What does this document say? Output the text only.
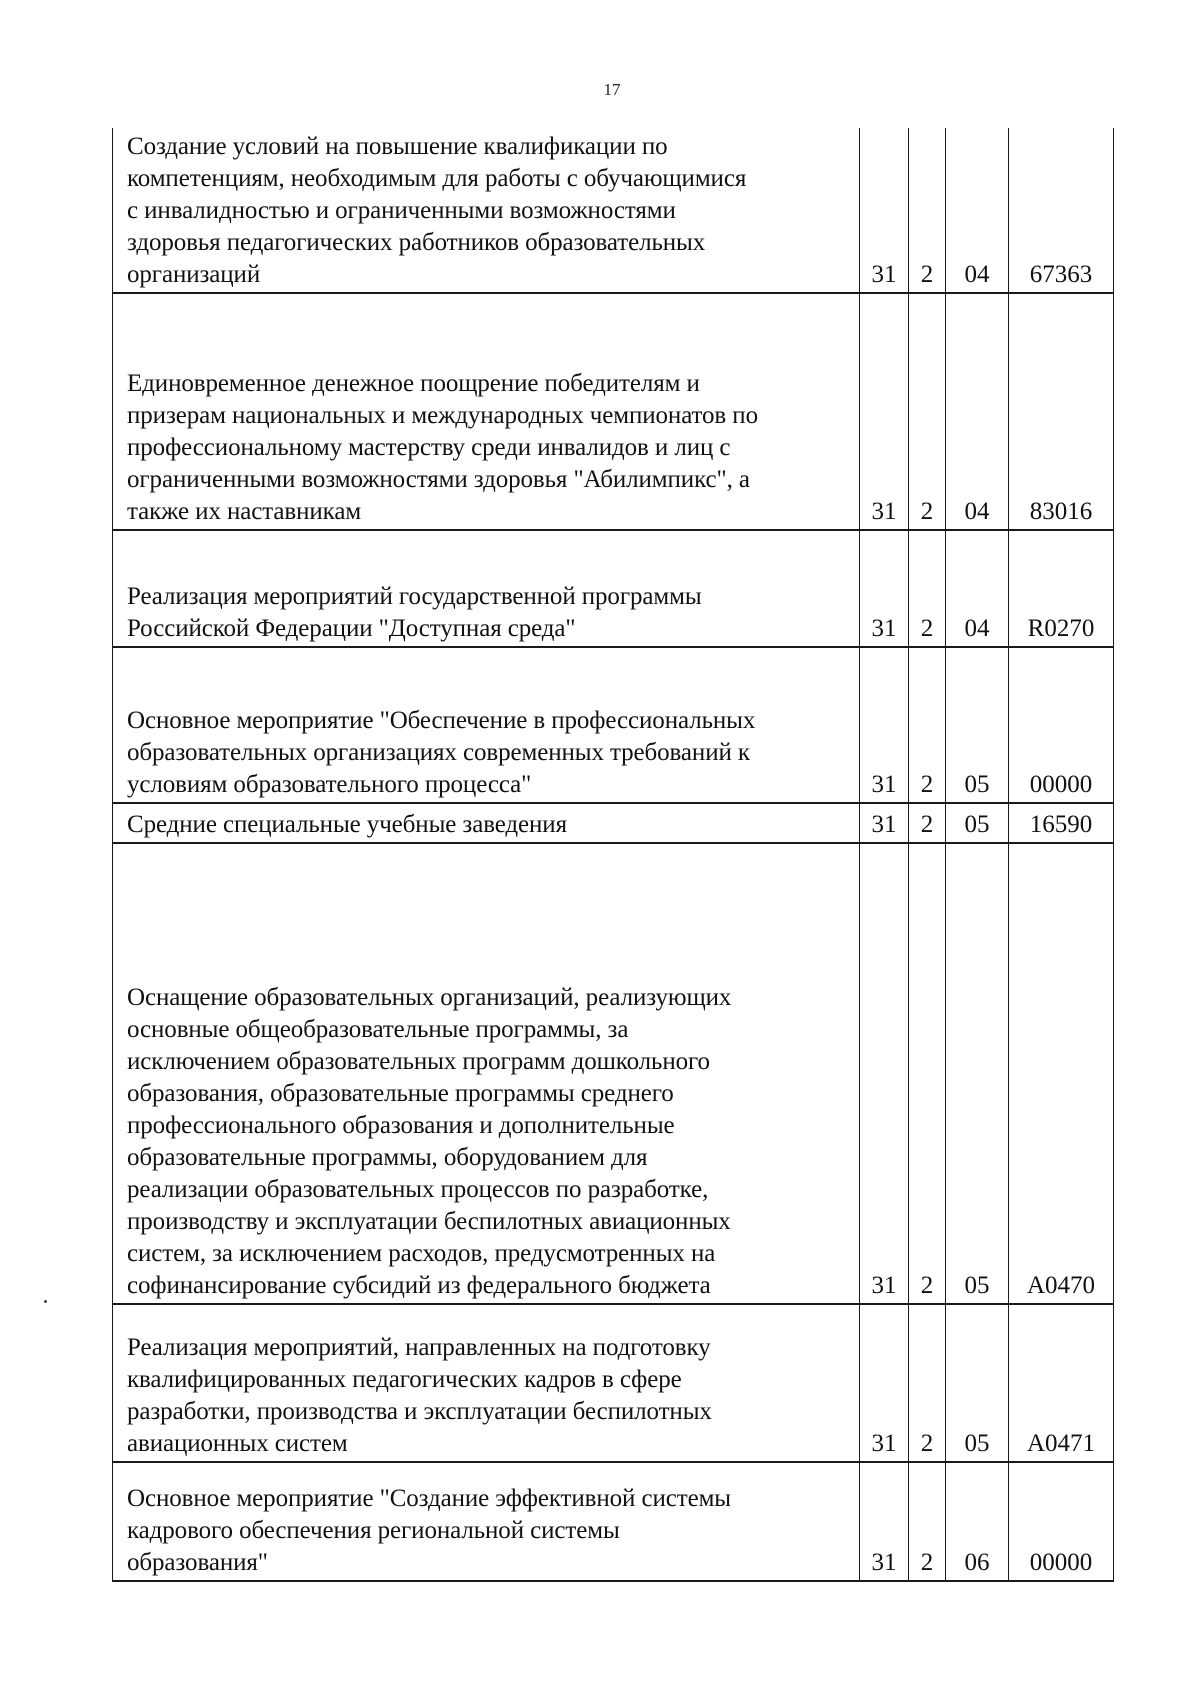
17
Создание условий на повышение квалификации по
компетенциям, необходимым для работы с обучающимися
с инвалидностью и ограниченными возможностями
здоровья педагогических работников образовательных
организаций	31 2	04	67363
Единовременное денежное поощрение победителям и
призерам национальных и международных чемпионатов по
профессиональному мастерству среди инвалидов и лиц с
ограниченными возможностями здоровья "Абилимпикс", а
также их наставникам	31 2	04	83016
Реализация мероприятий государственной программы
Российской Федерации "Доступная среда"	31 2	04	R0270
Основное мероприятие "Обеспечение в профессиональных
образовательных организациях современных требований к
условиям образовательного процесса"	31 2	05	00000
Средние специальные учебные заведения	31 2	05	16590
Оснащение образовательных организаций, реализующих
основные общеобразовательные программы, за
исключением образовательных программ дошкольного
образования, образовательные программы среднего
профессионального образования и дополнительные
образовательные программы, оборудованием для
реализации образовательных процессов по разработке,
производству и эксплуатации беспилотных авиационных
систем, за исключением расходов, предусмотренных на
софинансирование субсидий из федерального бюджета	31 2	05	А0470
Реализация мероприятий, направленных на подготовку
квалифицированных педагогических кадров в сфере
разработки, производства и эксплуатации беспилотных
авиационных систем	31 2	05	А0471
Основное мероприятие "Создание эффективной системы
кадрового обеспечения региональной системы
образования"	31 2	06	00000
